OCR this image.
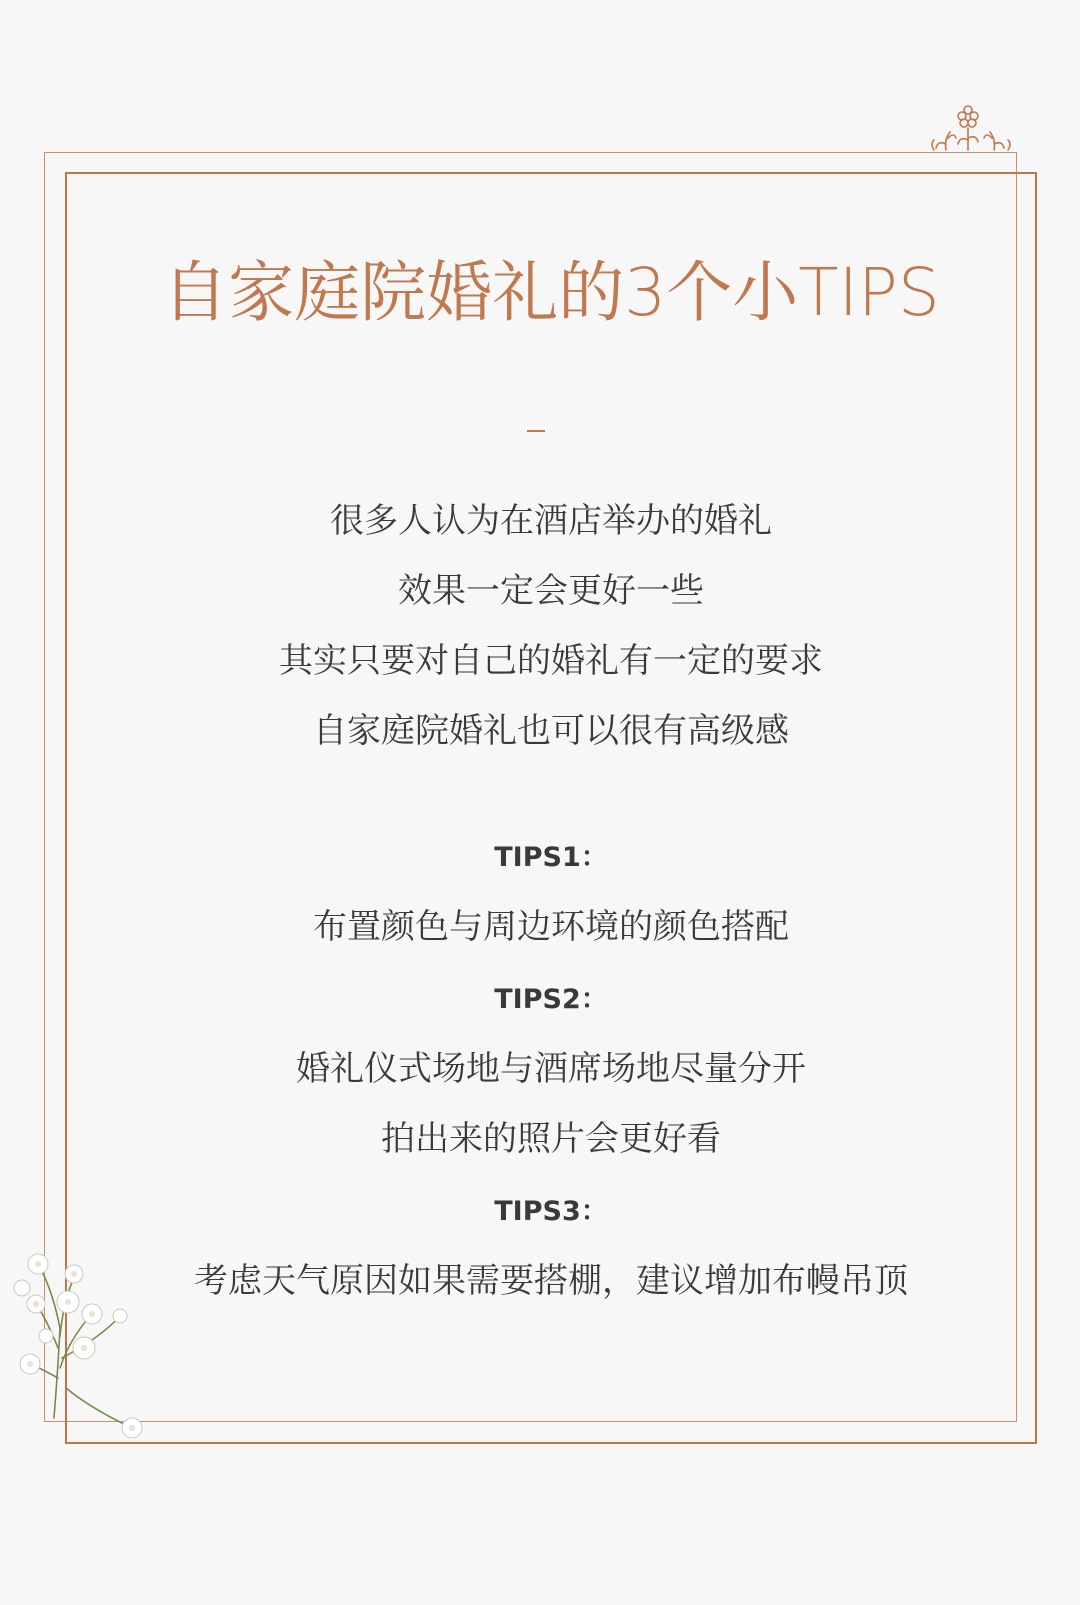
自家庭院婚礼的3个小TIPS
很多人认为在酒店举办的婚礼
效果一定会更好一些
其实只要对自己的婚礼有一定的要求
自家庭院婚礼也可以很有高级感
TIPS1：
布置颜色与周边环境的颜色搭配
TIPS2：
婚礼仪式场地与酒席场地尽量分开
拍出来的照片会更好看
TIPS3：
考虑天气原因如果需要搭棚，建议增加布幔吊顶
